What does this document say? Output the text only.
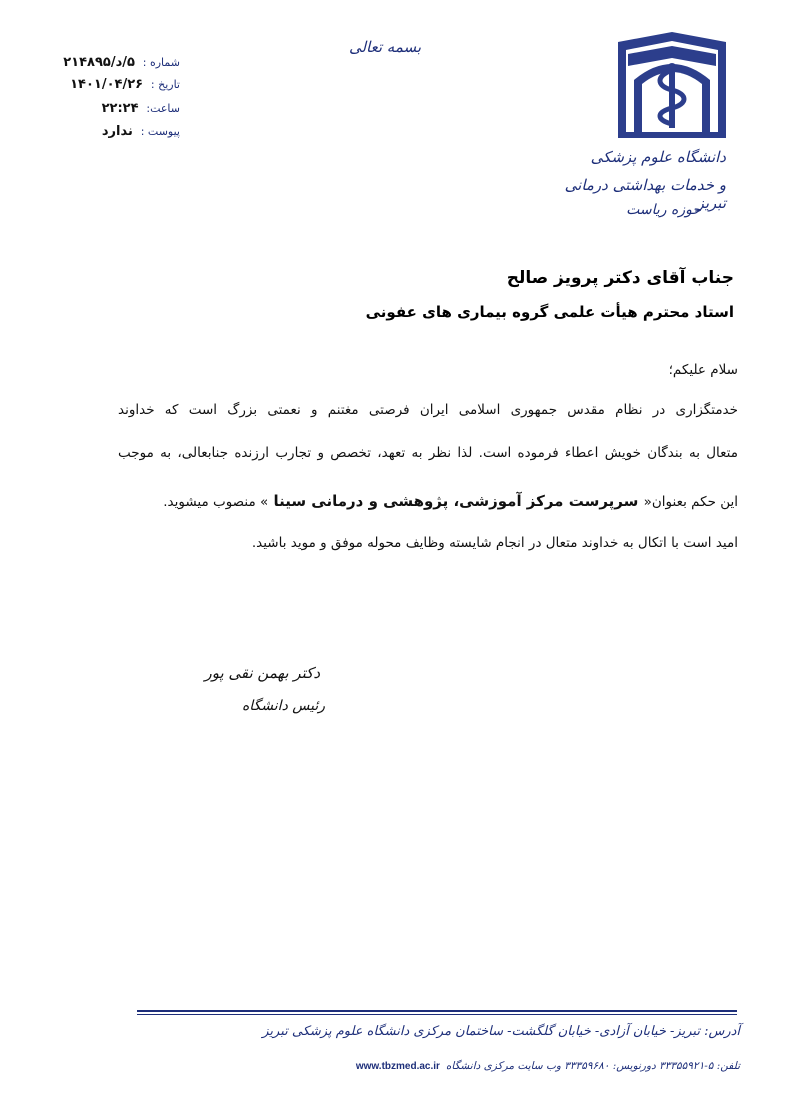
دانشگاه علوم پزشکی
و خدمات بهداشتی درمانی تبریز
حوزه ریاست
بسمه تعالی
شماره : ۵/د/۲۱۴۸۹۵
تاریخ : ۱۴۰۱/۰۴/۲۶
ساعت: ۲۲:۲۴
پیوست : ندارد
جناب آقای دکتر پرویز صالح
استاد محترم هیأت علمی گروه بیماری های عفونی
سلام علیکم؛
خدمتگزاری در نظام مقدس جمهوری اسلامی ایران فرصتی مغتنم و نعمتی بزرگ است که خداوند
متعال به بندگان خویش اعطاء فرموده است. لذا نظر به تعهد، تخصص و تجارب ارزنده جنابعالی، به موجب
این حکم بعنوان« سرپرست مرکز آموزشی، پژوهشی و درمانی سینا » منصوب میشوید.
امید است با اتکال به خداوند متعال در انجام شایسته وظایف محوله موفق و موید باشید.
دکتر بهمن نقی پور
رئیس دانشگاه
آدرس: تبریز- خیابان آزادی- خیابان گلگشت- ساختمان مرکزی دانشگاه علوم پزشکی تبریز
تلفن: ۵-۳۳۳۵۵۹۲۱ دورنویس: ۳۳۳۵۹۶۸۰ وب سایت مرکزی دانشگاهwww.tbzmed.ac.ir
